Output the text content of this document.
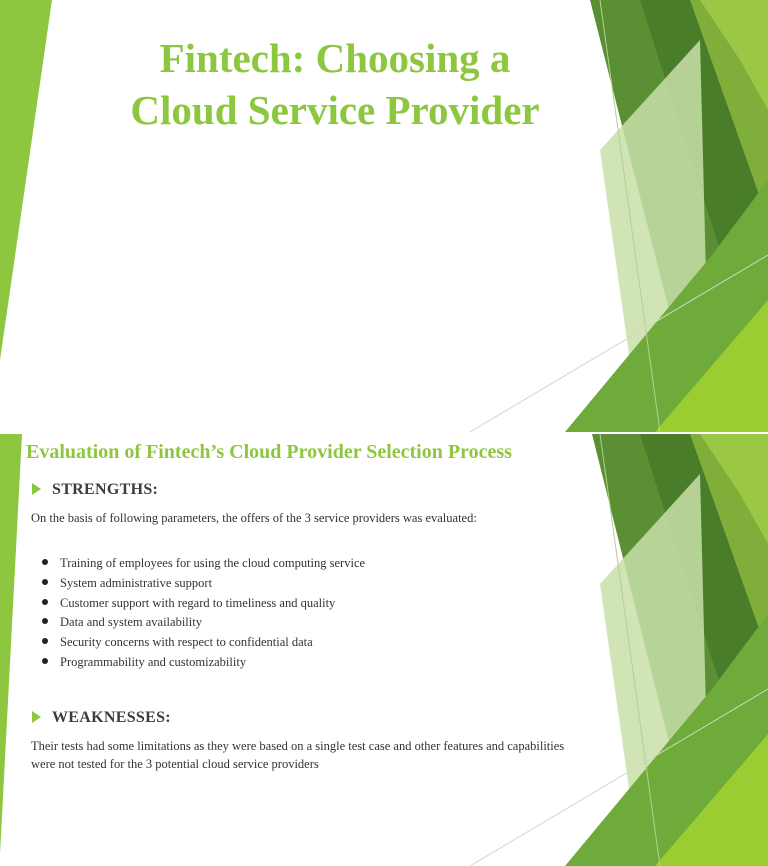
Fintech: Choosing a
Cloud Service Provider
Evaluation of Fintech’s Cloud Provider Selection Process
STRENGTHS:
On the basis of following parameters, the offers of the 3 service providers was evaluated:
Training of employees for using the cloud computing service
System administrative support
Customer support with regard to timeliness and quality
Data and system availability
Security concerns with respect to confidential data
Programmability and customizability
WEAKNESSES:
Their tests had some limitations as they were based on a single test case and other features and capabilities were not tested for the 3 potential cloud service providers
